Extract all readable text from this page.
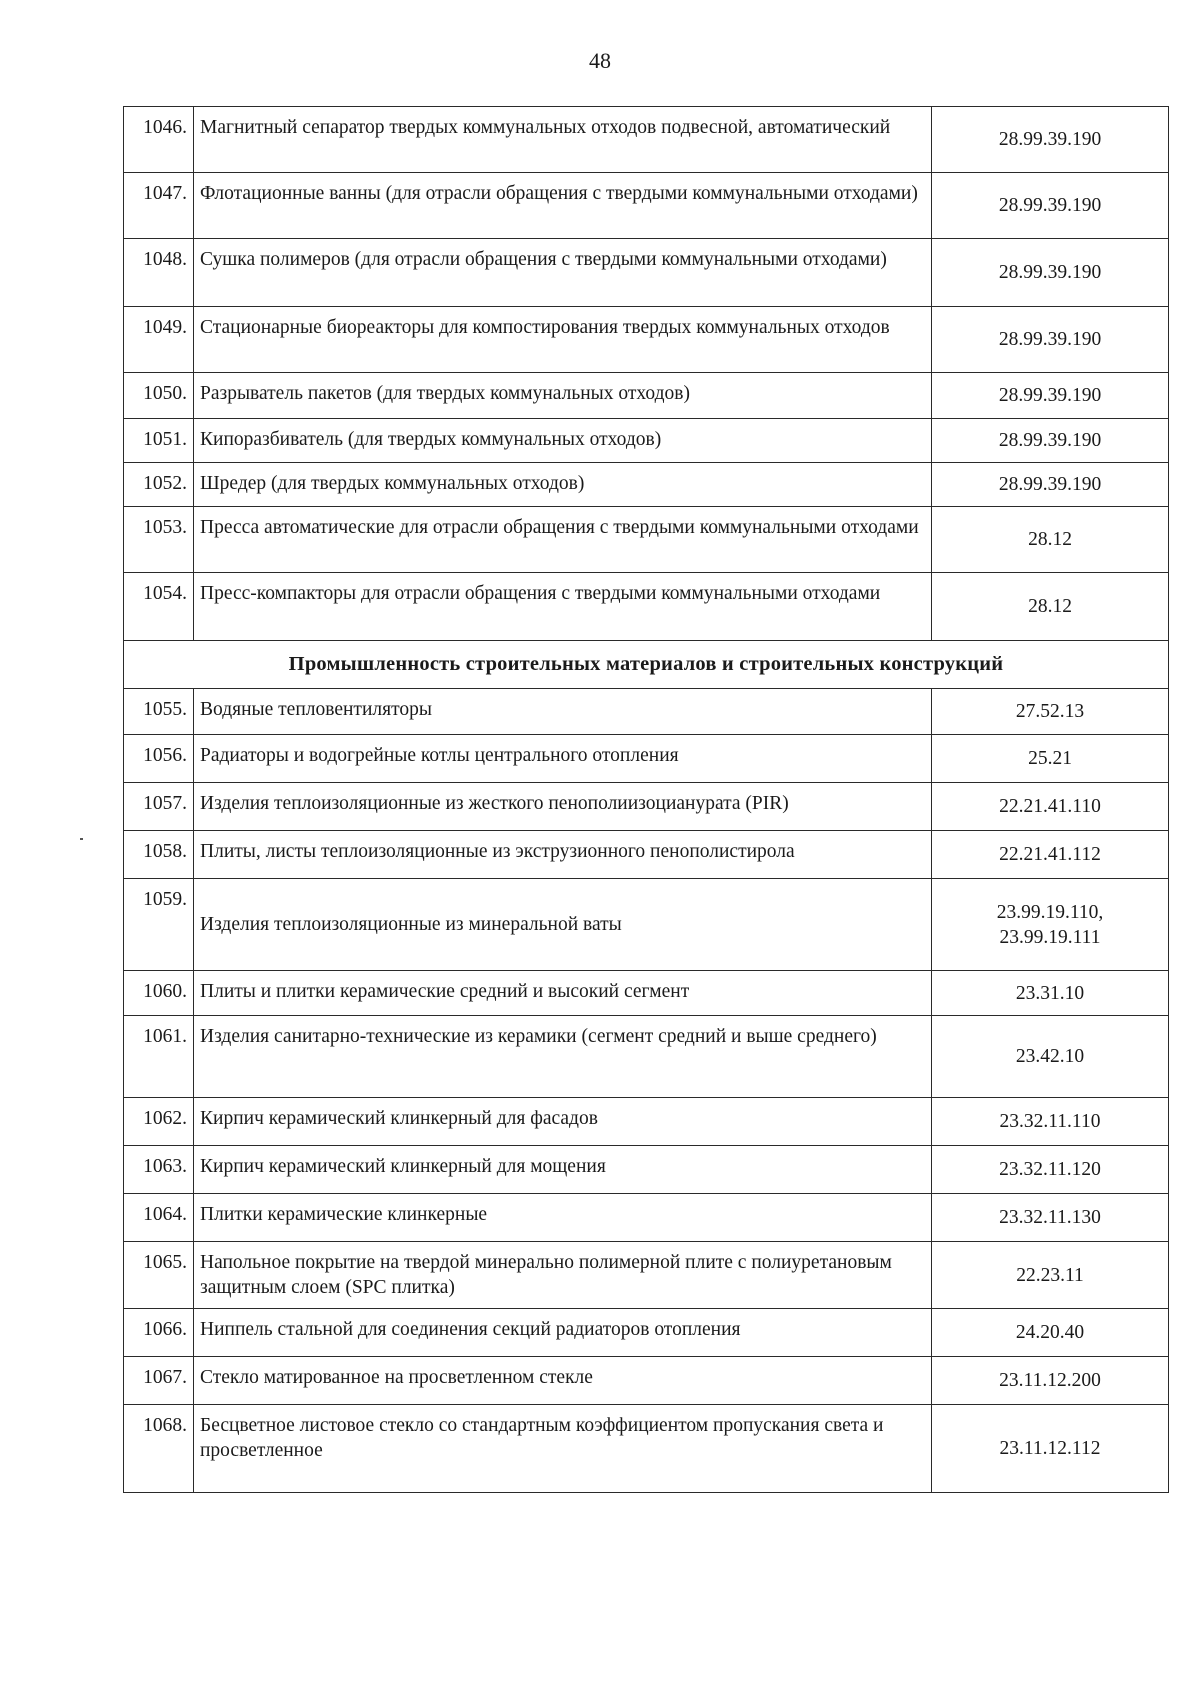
48
1046.	Магнитный сепаратор твердых коммунальных отходов подвесной, автоматический	28.99.39.190
1047.	Флотационные ванны (для отрасли обращения с твердыми коммунальными отходами)	28.99.39.190
1048.	Сушка полимеров (для отрасли обращения с твердыми коммунальными отходами)	28.99.39.190
1049.	Стационарные биореакторы для компостирования твердых коммунальных отходов	28.99.39.190
1050.	Разрыватель пакетов (для твердых коммунальных отходов)	28.99.39.190
1051.	Кипоразбиватель (для твердых коммунальных отходов)	28.99.39.190
1052.	Шредер (для твердых коммунальных отходов)	28.99.39.190
1053.	Пресса автоматические для отрасли обращения с твердыми коммунальными отходами	28.12
1054.	Пресс-компакторы для отрасли обращения с твердыми коммунальными отходами	28.12
Промышленность строительных материалов и строительных конструкций		
1055.	Водяные тепловентиляторы	27.52.13
1056.	Радиаторы и водогрейные котлы центрального отопления	25.21
1057.	Изделия теплоизоляционные из жесткого пенополиизоцианурата (PIR)	22.21.41.110
1058.	Плиты, листы теплоизоляционные из экструзионного пенополистирола	22.21.41.112
1059.	Изделия теплоизоляционные из минеральной ваты	23.99.19.110,
23.99.19.111

1060.	Плиты и плитки керамические средний и высокий сегмент	23.31.10
1061.	Изделия санитарно-технические из керамики (сегмент средний и выше среднего)	23.42.10
1062.	Кирпич керамический клинкерный для фасадов	23.32.11.110
1063.	Кирпич керамический клинкерный для мощения	23.32.11.120
1064.	Плитки керамические клинкерные	23.32.11.130
1065.	Напольное покрытие на твердой минерально полимерной плите с полиуретановым защитным слоем (SPC плитка)	22.23.11
1066.	Ниппель стальной для соединения секций радиаторов отопления	24.20.40
1067.	Стекло матированное на просветленном стекле	23.11.12.200
1068.	Бесцветное листовое стекло со стандартным коэффициентом пропускания света и просветленное	23.11.12.112
